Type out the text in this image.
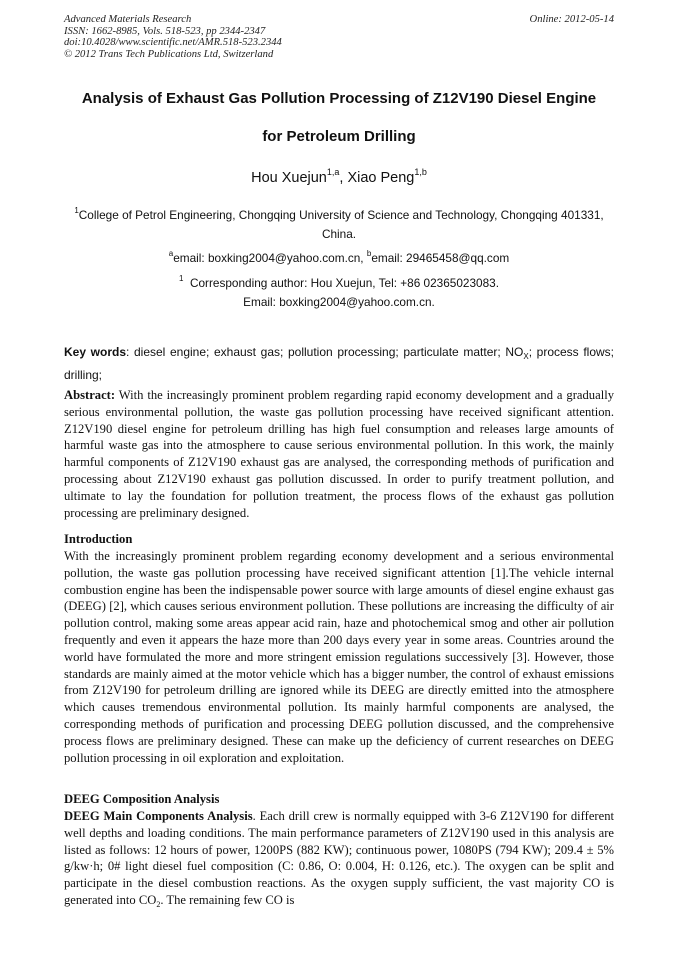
Advanced Materials Research
ISSN: 1662-8985, Vols. 518-523, pp 2344-2347
doi:10.4028/www.scientific.net/AMR.518-523.2344
© 2012 Trans Tech Publications Ltd, Switzerland
Online: 2012-05-14
Analysis of Exhaust Gas Pollution Processing of Z12V190 Diesel Engine
for Petroleum Drilling
Hou Xuejun$^{1,a}$, Xiao Peng$^{1,b}$
$^1$College of Petrol Engineering, Chongqing University of Science and Technology, Chongqing 401331, China.
$^a$email: boxking2004@yahoo.com.cn, $^b$email: 29465458@qq.com
$^1$  Corresponding author: Hou Xuejun, Tel: +86 02365023083.
Email: boxking2004@yahoo.com.cn.
Key words: diesel engine; exhaust gas; pollution processing; particulate matter; $NO_X$; process flows; drilling;
Abstract: With the increasingly prominent problem regarding rapid economy development and a gradually serious environmental pollution, the waste gas pollution processing have received significant attention. Z12V190 diesel engine for petroleum drilling has high fuel consumption and releases large amounts of harmful waste gas into the atmosphere to cause serious environmental pollution. In this work, the mainly harmful components of Z12V190 exhaust gas are analysed, the corresponding methods of purification and processing about Z12V190 exhaust gas pollution discussed. In order to purify treatment pollution, and ultimate to lay the foundation for pollution treatment, the process flows of the exhaust gas pollution processing are preliminary designed.
Introduction
With the increasingly prominent problem regarding economy development and a serious environmental pollution, the waste gas pollution processing have received significant attention [1].The vehicle internal combustion engine has been the indispensable power source with large amounts of diesel engine exhaust gas (DEEG) [2], which causes serious environment pollution. These pollutions are increasing the difficulty of air pollution control, making some areas appear acid rain, haze and photochemical smog and other air pollution frequently and even it appears the haze more than 200 days every year in some areas. Countries around the world have formulated the more and more stringent emission regulations successively [3]. However, those standards are mainly aimed at the motor vehicle which has a bigger number, the control of exhaust emissions from Z12V190 for petroleum drilling are ignored while its DEEG are directly emitted into the atmosphere which causes tremendous environmental pollution. Its mainly harmful components are analysed, the corresponding methods of purification and processing DEEG pollution discussed, and the comprehensive process flows are preliminary designed. These can make up the deficiency of current researches on DEEG pollution processing in oil exploration and exploitation.
DEEG Composition Analysis
DEEG Main Components Analysis. Each drill crew is normally equipped with 3-6 Z12V190 for different well depths and loading conditions. The main performance parameters of Z12V190 used in this analysis are listed as follows: 12 hours of power, 1200PS (882 KW); continuous power, 1080PS (794 KW); 209.4 ± 5% g/kw·h; 0# light diesel fuel composition (C: 0.86, O: 0.004, H: 0.126, etc.). The oxygen can be split and participate in the diesel combustion reactions. As the oxygen supply sufficient, the vast majority CO is generated into $CO_2$. The remaining few CO is
